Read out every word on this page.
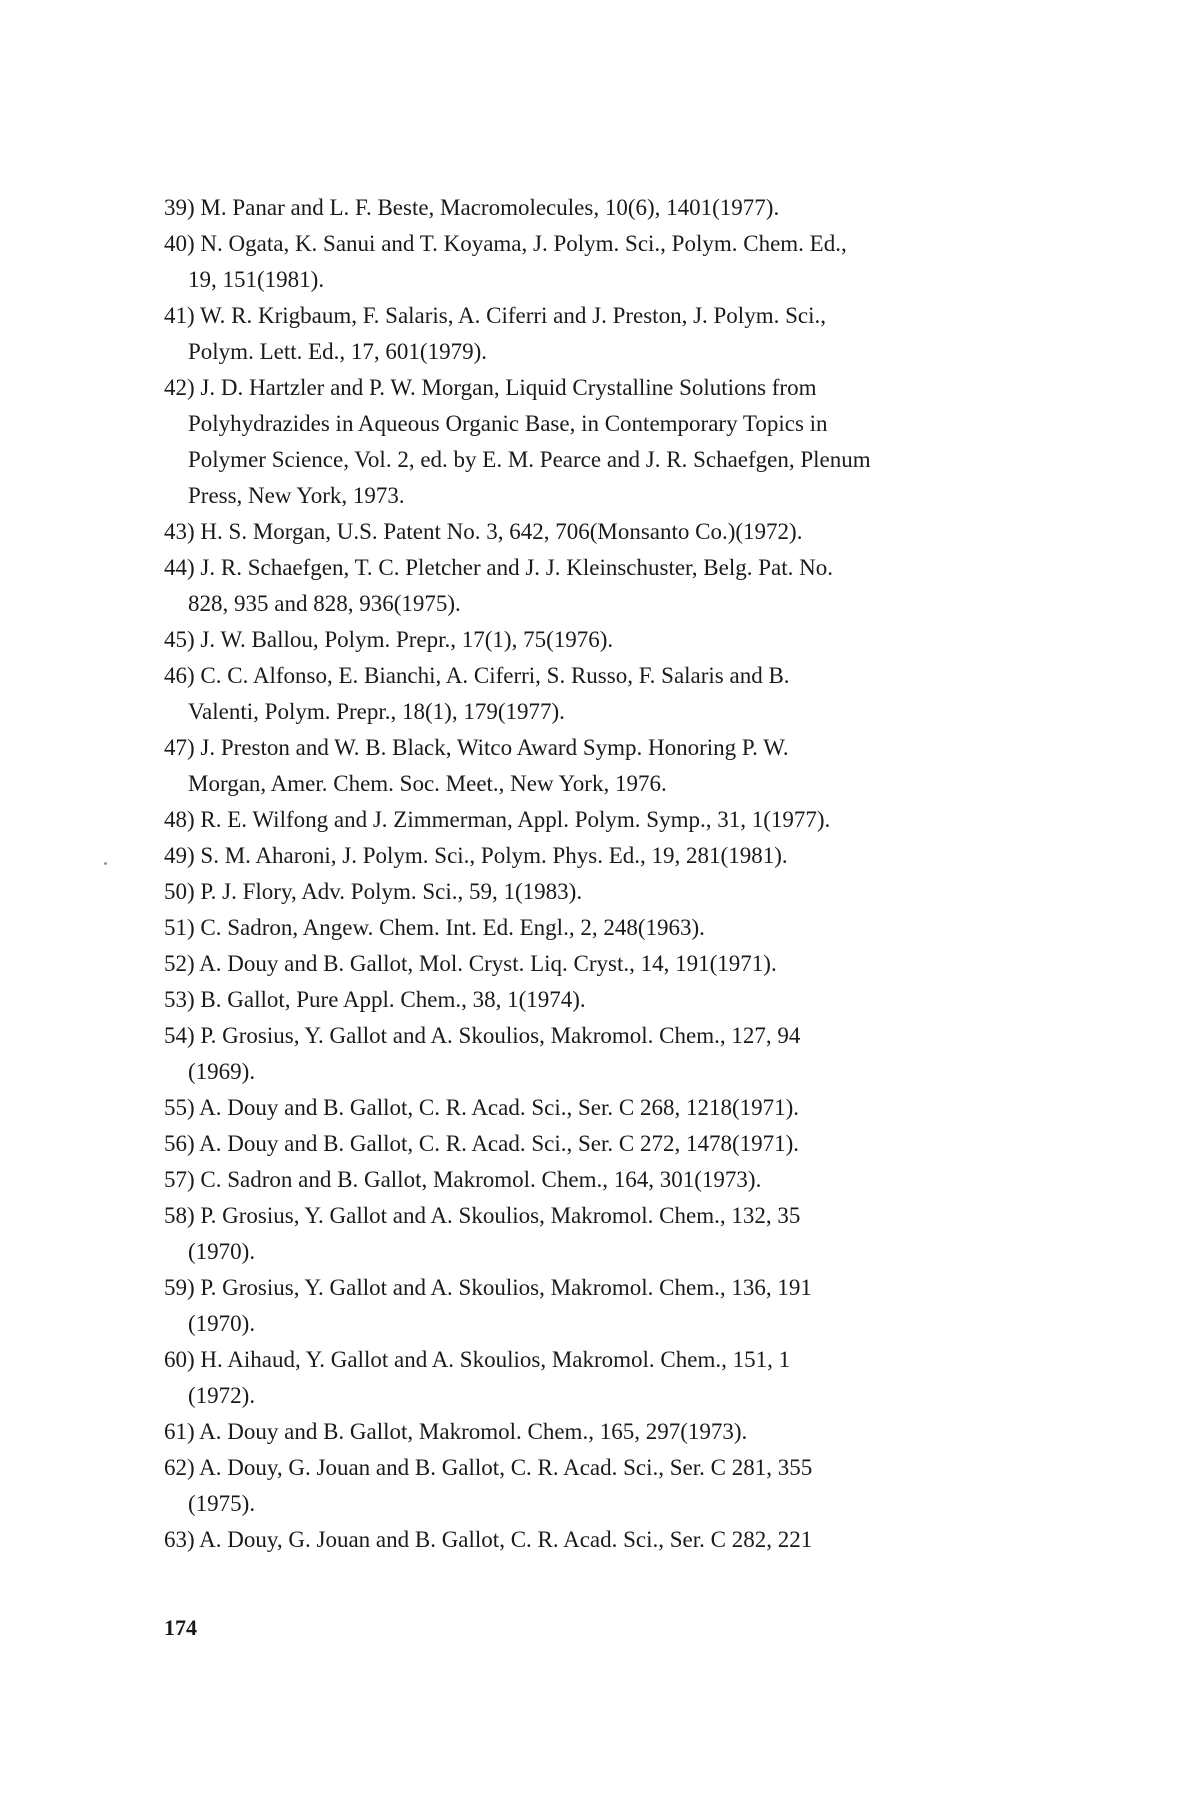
39) M. Panar and L. F. Beste, Macromolecules, 10(6), 1401(1977).
40) N. Ogata, K. Sanui and T. Koyama, J. Polym. Sci., Polym. Chem. Ed.,
19, 151(1981).
41) W. R. Krigbaum, F. Salaris, A. Ciferri and J. Preston, J. Polym. Sci.,
Polym. Lett. Ed., 17, 601(1979).
42) J. D. Hartzler and P. W. Morgan, Liquid Crystalline Solutions from
Polyhydrazides in Aqueous Organic Base, in Contemporary Topics in
Polymer Science, Vol. 2, ed. by E. M. Pearce and J. R. Schaefgen, Plenum
Press, New York, 1973.
43) H. S. Morgan, U.S. Patent No. 3, 642, 706(Monsanto Co.)(1972).
44) J. R. Schaefgen, T. C. Pletcher and J. J. Kleinschuster, Belg. Pat. No.
828, 935 and 828, 936(1975).
45) J. W. Ballou, Polym. Prepr., 17(1), 75(1976).
46) C. C. Alfonso, E. Bianchi, A. Ciferri, S. Russo, F. Salaris and B.
Valenti, Polym. Prepr., 18(1), 179(1977).
47) J. Preston and W. B. Black, Witco Award Symp. Honoring P. W.
Morgan, Amer. Chem. Soc. Meet., New York, 1976.
48) R. E. Wilfong and J. Zimmerman, Appl. Polym. Symp., 31, 1(1977).
49) S. M. Aharoni, J. Polym. Sci., Polym. Phys. Ed., 19, 281(1981).
50) P. J. Flory, Adv. Polym. Sci., 59, 1(1983).
51) C. Sadron, Angew. Chem. Int. Ed. Engl., 2, 248(1963).
52) A. Douy and B. Gallot, Mol. Cryst. Liq. Cryst., 14, 191(1971).
53) B. Gallot, Pure Appl. Chem., 38, 1(1974).
54) P. Grosius, Y. Gallot and A. Skoulios, Makromol. Chem., 127, 94
(1969).
55) A. Douy and B. Gallot, C. R. Acad. Sci., Ser. C 268, 1218(1971).
56) A. Douy and B. Gallot, C. R. Acad. Sci., Ser. C 272, 1478(1971).
57) C. Sadron and B. Gallot, Makromol. Chem., 164, 301(1973).
58) P. Grosius, Y. Gallot and A. Skoulios, Makromol. Chem., 132, 35
(1970).
59) P. Grosius, Y. Gallot and A. Skoulios, Makromol. Chem., 136, 191
(1970).
60) H. Aihaud, Y. Gallot and A. Skoulios, Makromol. Chem., 151, 1
(1972).
61) A. Douy and B. Gallot, Makromol. Chem., 165, 297(1973).
62) A. Douy, G. Jouan and B. Gallot, C. R. Acad. Sci., Ser. C 281, 355
(1975).
63) A. Douy, G. Jouan and B. Gallot, C. R. Acad. Sci., Ser. C 282, 221
174
